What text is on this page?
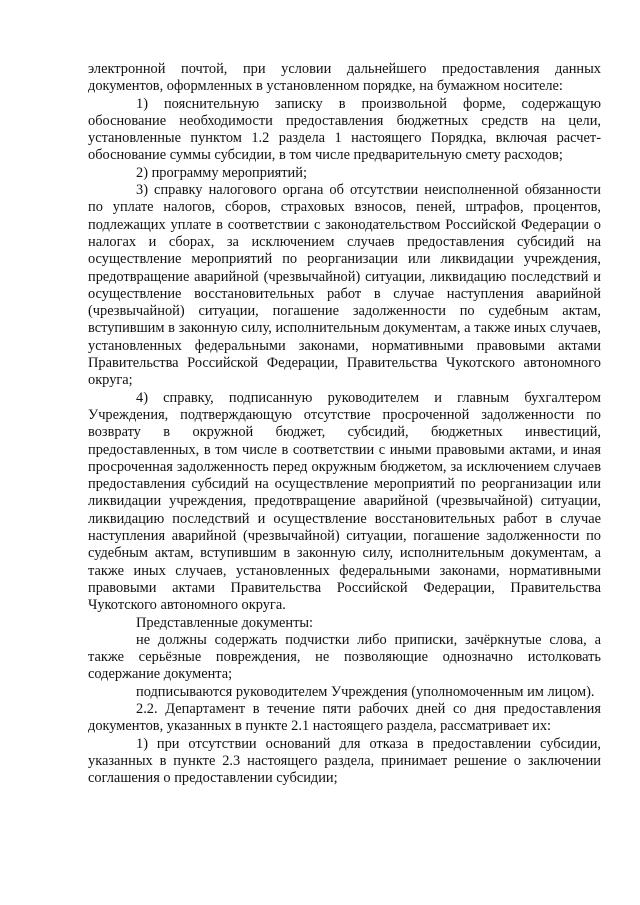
электронной почтой, при условии дальнейшего предоставления данных документов, оформленных в установленном порядке, на бумажном носителе:

1) пояснительную записку в произвольной форме, содержащую обоснование необходимости предоставления бюджетных средств на цели, установленные пунктом 1.2 раздела 1 настоящего Порядка, включая расчет-обоснование суммы субсидии, в том числе предварительную смету расходов;

2) программу мероприятий;

3) справку налогового органа об отсутствии неисполненной обязанности по уплате налогов, сборов, страховых взносов, пеней, штрафов, процентов, подлежащих уплате в соответствии с законодательством Российской Федерации о налогах и сборах, за исключением случаев предоставления субсидий на осуществление мероприятий по реорганизации или ликвидации учреждения, предотвращение аварийной (чрезвычайной) ситуации, ликвидацию последствий и осуществление восстановительных работ в случае наступления аварийной (чрезвычайной) ситуации, погашение задолженности по судебным актам, вступившим в законную силу, исполнительным документам, а также иных случаев, установленных федеральными законами, нормативными правовыми актами Правительства Российской Федерации, Правительства Чукотского автономного округа;

4) справку, подписанную руководителем и главным бухгалтером Учреждения, подтверждающую отсутствие просроченной задолженности по возврату в окружной бюджет, субсидий, бюджетных инвестиций, предоставленных, в том числе в соответствии с иными правовыми актами, и иная просроченная задолженность перед окружным бюджетом, за исключением случаев предоставления субсидий на осуществление мероприятий по реорганизации или ликвидации учреждения, предотвращение аварийной (чрезвычайной) ситуации, ликвидацию последствий и осуществление восстановительных работ в случае наступления аварийной (чрезвычайной) ситуации, погашение задолженности по судебным актам, вступившим в законную силу, исполнительным документам, а также иных случаев, установленных федеральными законами, нормативными правовыми актами Правительства Российской Федерации, Правительства Чукотского автономного округа.

Представленные документы:

не должны содержать подчистки либо приписки, зачёркнутые слова, а также серьёзные повреждения, не позволяющие однозначно истолковать содержание документа;

подписываются руководителем Учреждения (уполномоченным им лицом).

2.2. Департамент в течение пяти рабочих дней со дня предоставления документов, указанных в пункте 2.1 настоящего раздела, рассматривает их:

1) при отсутствии оснований для отказа в предоставлении субсидии, указанных в пункте 2.3 настоящего раздела, принимает решение о заключении соглашения о предоставлении субсидии;
